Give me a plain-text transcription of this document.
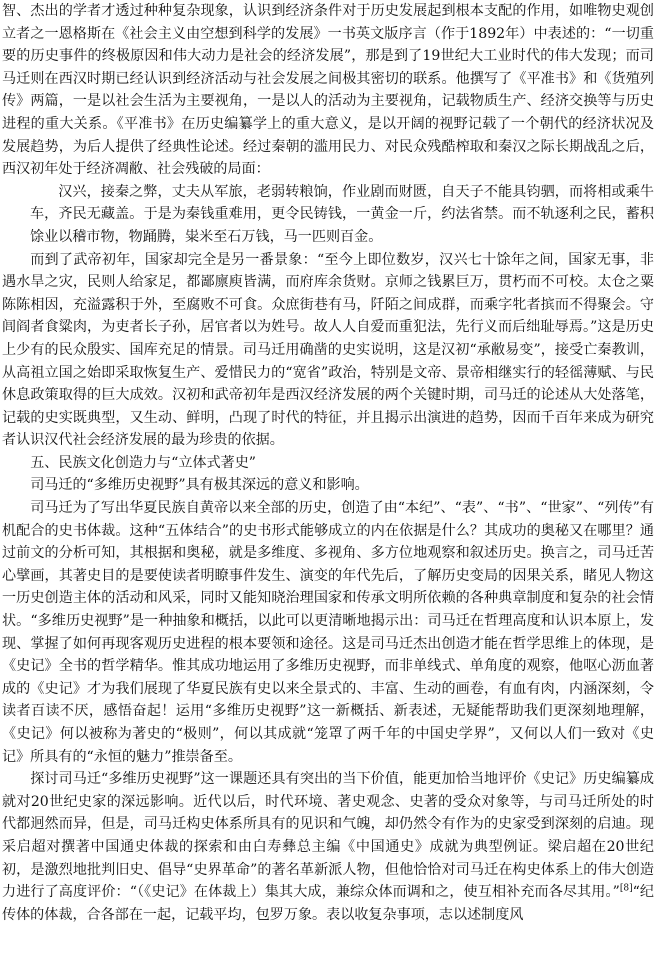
智、杰出的学者才透过种种复杂现象，认识到经济条件对于历史发展起到根本支配的作用，如唯物史观创立者之一恩格斯在《社会主义由空想到科学的发展》一书英文版序言（作于1892年）中表述的：“一切重要的历史事件的终极原因和伟大动力是社会的经济发展”，那是到了19世纪大工业时代的伟大发现；而司马迁则在西汉时期已经认识到经济活动与社会发展之间极其密切的联系。他撰写了《平准书》和《货殖列传》两篇，一是以社会生活为主要视角，一是以人的活动为主要视角，记载物质生产、经济交换等与历史进程的重大关系。《平准书》在历史编纂学上的重大意义，是以开阔的视野记载了一个朝代的经济状况及发展趋势，为后人提供了经典性论述。经过秦朝的滥用民力、对民众残酷榨取和秦汉之际长期战乱之后，西汉初年处于经济凋敝、社会残破的局面：

汉兴，接秦之弊，丈夫从军旅，老弱转粮饷，作业剧而财匮，自天子不能具钧驷，而将相或乘牛车，齐民无藏盖。于是为秦钱重难用，更令民铸钱，一黄金一斤，约法省禁。而不轨逐利之民，蓄积馀业以稽市物，物踊腾，粜米至石万钱，马一匹则百金。

而到了武帝初年，国家却完全是另一番景象：“至今上即位数岁，汉兴七十馀年之间，国家无事，非遇水旱之灾，民则人给家足，都鄙廪庾皆满，而府库余货财。京师之钱累巨万，贯朽而不可校。太仓之粟陈陈相因，充溢露积于外，至腐败不可食。众庶街巷有马，阡陌之间成群，而乘字牝者摈而不得聚会。守闾阎者食粱肉，为吏者长子孙，居官者以为姓号。故人人自爱而重犯法，先行义而后绌耻辱焉。”这是历史上少有的民众殷实、国库充足的情景。司马迁用确凿的史实说明，这是汉初“承敝易变”，接受亡秦教训，从高祖立国之始即采取恢复生产、爱惜民力的“宽省”政治，特别是文帝、景帝相继实行的轻徭薄赋、与民休息政策取得的巨大成效。汉初和武帝初年是西汉经济发展的两个关键时期，司马迁的论述从大处落笔，记载的史实既典型，又生动、鲜明，凸现了时代的特征，并且揭示出演进的趋势，因而千百年来成为研究者认识汉代社会经济发展的最为珍贵的依据。

五、民族文化创造力与“立体式著史”

司马迁的“多维历史视野”具有极其深远的意义和影响。

司马迁为了写出华夏民族自黄帝以来全部的历史，创造了由“本纪”、“表”、“书”、“世家”、“列传”有机配合的史书体裁。这种“五体结合”的史书形式能够成立的内在依据是什么？其成功的奥秘又在哪里？通过前文的分析可知，其根据和奥秘，就是多维度、多视角、多方位地观察和叙述历史。换言之，司马迁苦心擘画，其著史目的是要使读者明瞭事件发生、演变的年代先后，了解历史变局的因果关系，睹见人物这一历史创造主体的活动和风采，同时又能知晓治理国家和传承文明所依赖的各种典章制度和复杂的社会情状。“多维历史视野”是一种抽象和概括，以此可以更清晰地揭示出：司马迁在哲理高度和认识本原上，发现、掌握了如何再现客观历史进程的根本要领和途径。这是司马迁杰出创造才能在哲学思维上的体现，是《史记》全书的哲学精华。惟其成功地运用了多维历史视野，而非单线式、单角度的观察，他呕心沥血著成的《史记》才为我们展现了华夏民族有史以来全景式的、丰富、生动的画卷，有血有肉，内涵深刻，令读者百读不厌，感悟奋起！运用“多维历史视野”这一新概括、新表述，无疑能帮助我们更深刻地理解，《史记》何以被称为著史的“极则”，何以其成就“笼罩了两千年的中国史学界”，又何以人们一致对《史记》所具有的“永恒的魅力”推崇备至。

探讨司马迁“多维历史视野”这一课题还具有突出的当下价值，能更加恰当地评价《史记》历史编纂成就对20世纪史家的深远影响。近代以后，时代环境、著史观念、史著的受众对象等，与司马迁所处的时代都迥然而异，但是，司马迁构史体系所具有的见识和气魄，却仍然令有作为的史家受到深刻的启迪。现采启超对撰著中国通史体裁的探索和由白寿彝总主编《中国通史》成就为典型例证。梁启超在20世纪初，是激烈地批判旧史、倡导“史界革命”的著名革新派人物，但他恰恰对司马迁在构史体系上的伟大创造力进行了高度评价：“（《史记》在体裁上）集其大成，兼综众体而调和之，使互相补充而各尽其用。”[8]“纪传体的体裁，合各部在一起，记载平均，包罗万象。表以收复杂事项，志以述制度风
